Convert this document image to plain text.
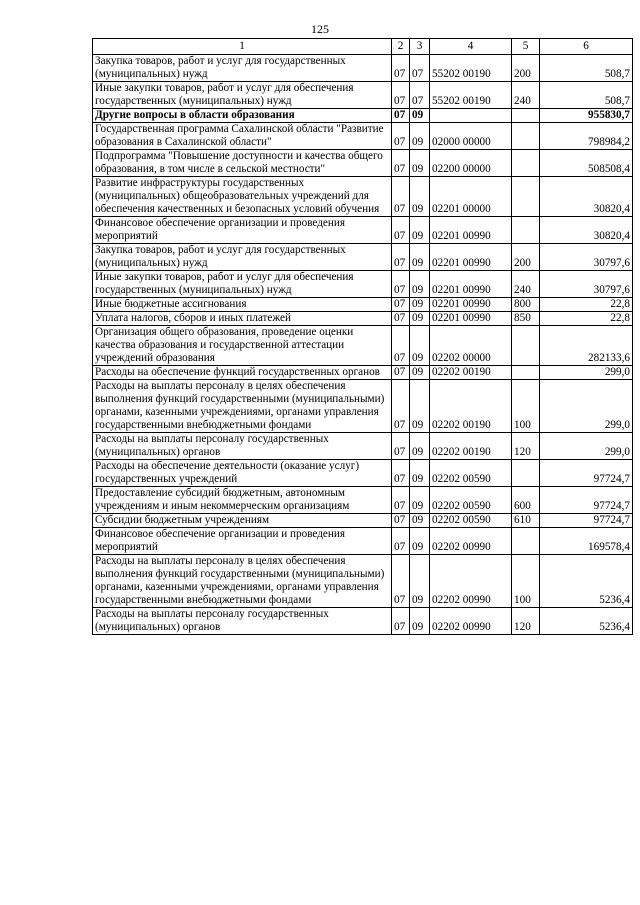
125
1	2	3	4	5	6
Закупка товаров, работ и услуг для государственных (муниципальных) нужд	07	07	55202 00190	200	508,7
Иные закупки товаров, работ и услуг для обеспечения государственных (муниципальных) нужд	07	07	55202 00190	240	508,7
Другие вопросы в области образования	07	09			955830,7
Государственная программа Сахалинской области "Развитие образования в Сахалинской области"	07	09	02000 00000		798984,2
Подпрограмма "Повышение доступности и качества общего образования, в том числе в сельской местности"	07	09	02200 00000		508508,4
Развитие инфраструктуры государственных (муниципальных) общеобразовательных учреждений для обеспечения качественных и безопасных условий обучения	07	09	02201 00000		30820,4
Финансовое обеспечение организации и проведения мероприятий	07	09	02201 00990		30820,4
Закупка товаров, работ и услуг для государственных (муниципальных) нужд	07	09	02201 00990	200	30797,6
Иные закупки товаров, работ и услуг для обеспечения государственных (муниципальных) нужд	07	09	02201 00990	240	30797,6
Иные бюджетные ассигнования	07	09	02201 00990	800	22,8
Уплата налогов, сборов и иных платежей	07	09	02201 00990	850	22,8
Организация общего образования, проведение оценки качества образования и государственной аттестации учреждений образования	07	09	02202 00000		282133,6
Расходы на обеспечение функций государственных органов	07	09	02202 00190		299,0
Расходы на выплаты персоналу в целях обеспечения выполнения функций государственными (муниципальными) органами, казенными учреждениями, органами управления государственными внебюджетными фондами	07	09	02202 00190	100	299,0
Расходы на выплаты персоналу государственных (муниципальных) органов	07	09	02202 00190	120	299,0
Расходы на обеспечение деятельности (оказание услуг) государственных учреждений	07	09	02202 00590		97724,7
Предоставление субсидий бюджетным, автономным учреждениям и иным некоммерческим организациям	07	09	02202 00590	600	97724,7
Субсидии бюджетным учреждениям	07	09	02202 00590	610	97724,7
Финансовое обеспечение организации и проведения мероприятий	07	09	02202 00990		169578,4
Расходы на выплаты персоналу в целях обеспечения выполнения функций государственными (муниципальными) органами, казенными учреждениями, органами управления государственными внебюджетными фондами	07	09	02202 00990	100	5236,4
Расходы на выплаты персоналу государственных (муниципальных) органов	07	09	02202 00990	120	5236,4
